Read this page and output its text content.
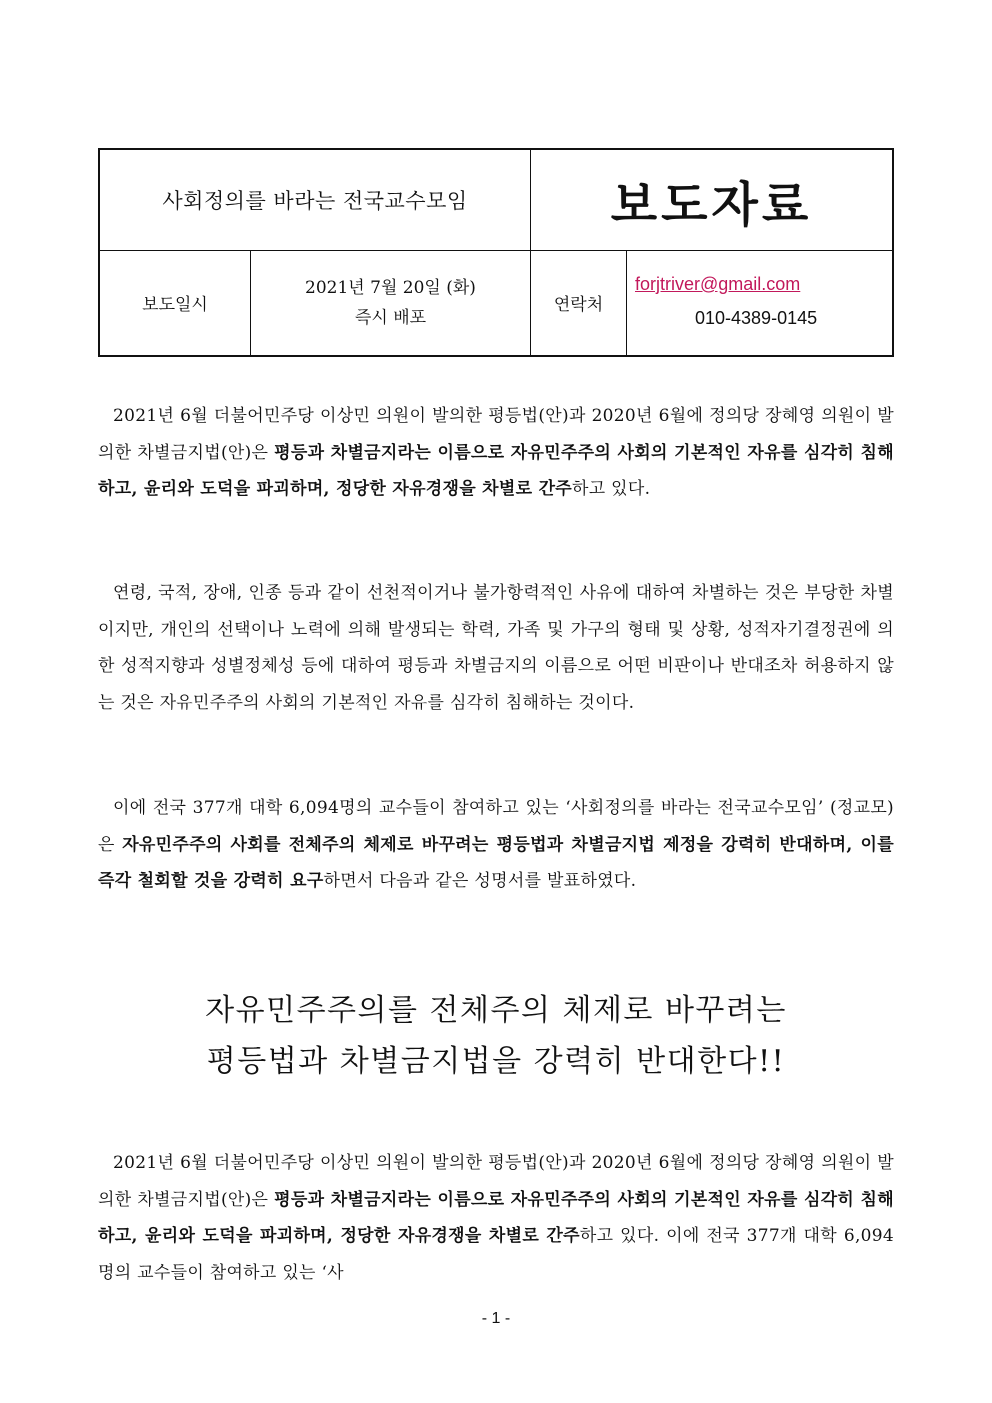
사회정의를 바라는 전국교수모임	보도자료
보도일시
2021년 7월 20일 (화)
즉시 배포
연락처
forjtriver@gmail.com
010-4389-0145

2021년 6월 더불어민주당 이상민 의원이 발의한 평등법(안)과 2020년 6월에 정의당 장혜영 의원이 발의한 차별금지법(안)은 평등과 차별금지라는 이름으로 자유민주주의 사회의 기본적인 자유를 심각히 침해하고, 윤리와 도덕을 파괴하며, 정당한 자유경쟁을 차별로 간주하고 있다.

연령, 국적, 장애, 인종 등과 같이 선천적이거나 불가항력적인 사유에 대하여 차별하는 것은 부당한 차별이지만, 개인의 선택이나 노력에 의해 발생되는 학력, 가족 및 가구의 형태 및 상황, 성적자기결정권에 의한 성적지향과 성별정체성 등에 대하여 평등과 차별금지의 이름으로 어떤 비판이나 반대조차 허용하지 않는 것은 자유민주주의 사회의 기본적인 자유를 심각히 침해하는 것이다.

이에 전국 377개 대학 6,094명의 교수들이 참여하고 있는 ‘사회정의를 바라는 전국교수모임’ (정교모)은 자유민주주의 사회를 전체주의 체제로 바꾸려는 평등법과 차별금지법 제정을 강력히 반대하며, 이를 즉각 철회할 것을 강력히 요구하면서 다음과 같은 성명서를 발표하였다.

자유민주주의를 전체주의 체제로 바꾸려는
평등법과 차별금지법을 강력히 반대한다!!

2021년 6월 더불어민주당 이상민 의원이 발의한 평등법(안)과 2020년 6월에 정의당 장혜영 의원이 발의한 차별금지법(안)은 평등과 차별금지라는 이름으로 자유민주주의 사회의 기본적인 자유를 심각히 침해하고, 윤리와 도덕을 파괴하며, 정당한 자유경쟁을 차별로 간주하고 있다. 이에 전국 377개 대학 6,094명의 교수들이 참여하고 있는 ‘사

- 1 -
